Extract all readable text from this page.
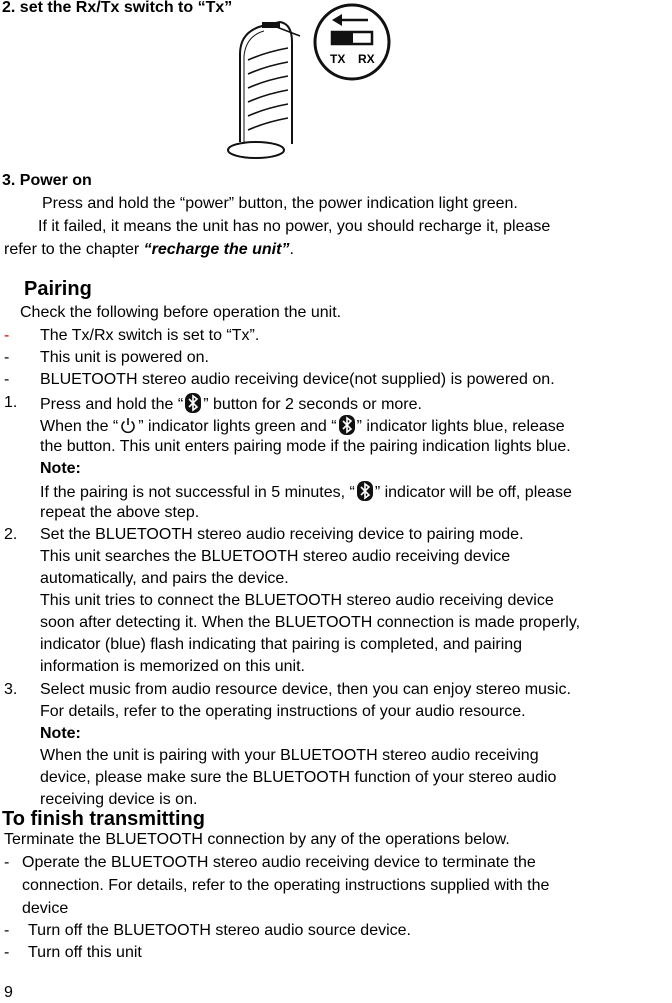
2. set the Rx/Tx switch to “Tx”
TX RX
3. Power on
Press and hold the “power” button, the power indication light green.
If it failed, it means the unit has no power, you should recharge it, please
refer to the chapter “recharge the unit”.
Pairing
Check the following before operation the unit.
- The Tx/Rx switch is set to “Tx”.
- This unit is powered on.
- BLUETOOTH stereo audio receiving device(not supplied) is powered on.
1. Press and hold the “ ” button for 2 seconds or more.
When the “ ” indicator lights green and “ ” indicator lights blue, release
the button. This unit enters pairing mode if the pairing indication lights blue.
Note:
If the pairing is not successful in 5 minutes, “ ” indicator will be off, please
repeat the above step.
2. Set the BLUETOOTH stereo audio receiving device to pairing mode.
This unit searches the BLUETOOTH stereo audio receiving device
automatically, and pairs the device.
This unit tries to connect the BLUETOOTH stereo audio receiving device
soon after detecting it. When the BLUETOOTH connection is made properly,
indicator (blue) flash indicating that pairing is completed, and pairing
information is memorized on this unit.
3. Select music from audio resource device, then you can enjoy stereo music.
For details, refer to the operating instructions of your audio resource.
Note:
When the unit is pairing with your BLUETOOTH stereo audio receiving
device, please make sure the BLUETOOTH function of your stereo audio
receiving device is on.
To finish transmitting
Terminate the BLUETOOTH connection by any of the operations below.
- Operate the BLUETOOTH stereo audio receiving device to terminate the
connection. For details, refer to the operating instructions supplied with the
device
- Turn off the BLUETOOTH stereo audio source device.
- Turn off this unit
9
